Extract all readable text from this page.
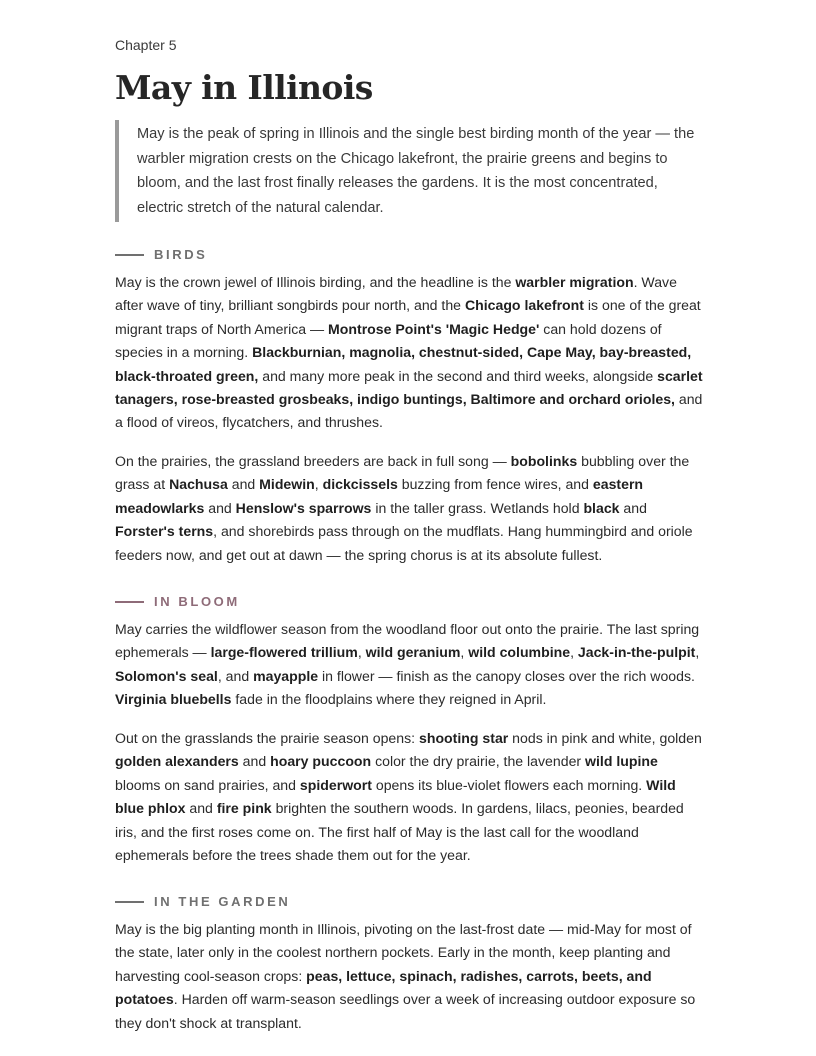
Chapter 5

May in Illinois

May is the peak of spring in Illinois and the single best birding month of the year — the warbler migration crests on the Chicago lakefront, the prairie greens and begins to bloom, and the last frost finally releases the gardens. It is the most concentrated, electric stretch of the natural calendar.

BIRDS

May is the crown jewel of Illinois birding, and the headline is the warbler migration. Wave after wave of tiny, brilliant songbirds pour north, and the Chicago lakefront is one of the great migrant traps of North America — Montrose Point's 'Magic Hedge' can hold dozens of species in a morning. Blackburnian, magnolia, chestnut-sided, Cape May, bay-breasted, black-throated green, and many more peak in the second and third weeks, alongside scarlet tanagers, rose-breasted grosbeaks, indigo buntings, Baltimore and orchard orioles, and a flood of vireos, flycatchers, and thrushes.

On the prairies, the grassland breeders are back in full song — bobolinks bubbling over the grass at Nachusa and Midewin, dickcissels buzzing from fence wires, and eastern meadowlarks and Henslow's sparrows in the taller grass. Wetlands hold black and Forster's terns, and shorebirds pass through on the mudflats. Hang hummingbird and oriole feeders now, and get out at dawn — the spring chorus is at its absolute fullest.

IN BLOOM

May carries the wildflower season from the woodland floor out onto the prairie. The last spring ephemerals — large-flowered trillium, wild geranium, wild columbine, Jack-in-the-pulpit, Solomon's seal, and mayapple in flower — finish as the canopy closes over the rich woods. Virginia bluebells fade in the floodplains where they reigned in April.

Out on the grasslands the prairie season opens: shooting star nods in pink and white, golden golden alexanders and hoary puccoon color the dry prairie, the lavender wild lupine blooms on sand prairies, and spiderwort opens its blue-violet flowers each morning. Wild blue phlox and fire pink brighten the southern woods. In gardens, lilacs, peonies, bearded iris, and the first roses come on. The first half of May is the last call for the woodland ephemerals before the trees shade them out for the year.

IN THE GARDEN

May is the big planting month in Illinois, pivoting on the last-frost date — mid-May for most of the state, later only in the coolest northern pockets. Early in the month, keep planting and harvesting cool-season crops: peas, lettuce, spinach, radishes, carrots, beets, and potatoes. Harden off warm-season seedlings over a week of increasing outdoor exposure so they don't shock at transplant.
